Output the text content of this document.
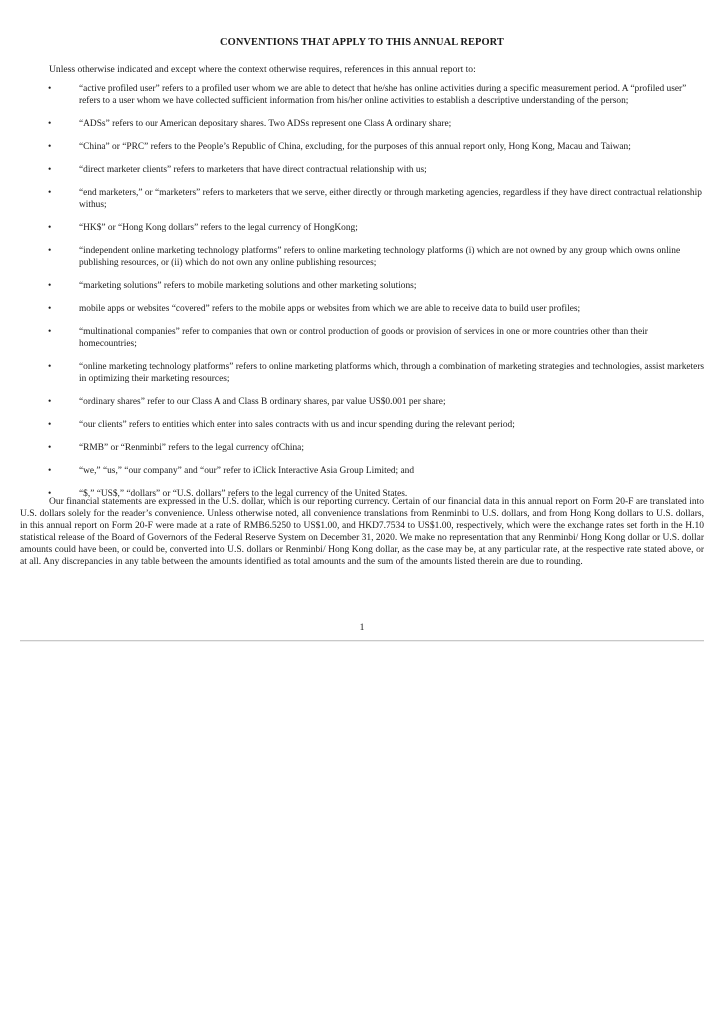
CONVENTIONS THAT APPLY TO THIS ANNUAL REPORT
Unless otherwise indicated and except where the context otherwise requires, references in this annual report to:
•	“active profiled user” refers to a profiled user whom we are able to detect that he/she has online activities during a specific measurement period. A “profiled user” refers to a user whom we have collected sufficient information from his/her online activities to establish a descriptive understanding of the person;
•	“ADSs” refers to our American depositary shares. Two ADSs represent one Class A ordinary share;
•	“China” or “PRC” refers to the People’s Republic of China, excluding, for the purposes of this annual report only, Hong Kong, Macau and Taiwan;
•	“direct marketer clients” refers to marketers that have direct contractual relationship with us;
•	“end marketers,” or “marketers” refers to marketers that we serve, either directly or through marketing agencies, regardless if they have direct contractual relationship withus;
•	“HK$” or “Hong Kong dollars” refers to the legal currency of HongKong;
•	“independent online marketing technology platforms” refers to online marketing technology platforms (i) which are not owned by any group which owns online publishing resources, or (ii) which do not own any online publishing resources;
•	“marketing solutions” refers to mobile marketing solutions and other marketing solutions;
•	mobile apps or websites “covered” refers to the mobile apps or websites from which we are able to receive data to build user profiles;
•	“multinational companies” refer to companies that own or control production of goods or provision of services in one or more countries other than their homecountries;
•	“online marketing technology platforms” refers to online marketing platforms which, through a combination of marketing strategies and technologies, assist marketers in optimizing their marketing resources;
•	“ordinary shares” refer to our Class A and Class B ordinary shares, par value US$0.001 per share;
•	“our clients” refers to entities which enter into sales contracts with us and incur spending during the relevant period;
•	“RMB” or “Renminbi” refers to the legal currency ofChina;
•	“we,” “us,” “our company” and “our” refer to iClick Interactive Asia Group Limited; and
•	“$,” “US$,” “dollars” or “U.S. dollars” refers to the legal currency of the United States.

Our financial statements are expressed in the U.S. dollar, which is our reporting currency. Certain of our financial data in this annual report on Form 20-F are translated into U.S. dollars solely for the reader’s convenience. Unless otherwise noted, all convenience translations from Renminbi to U.S. dollars, and from Hong Kong dollars to U.S. dollars, in this annual report on Form 20-F were made at a rate of RMB6.5250 to US$1.00, and HKD7.7534 to US$1.00, respectively, which were the exchange rates set forth in the H.10 statistical release of the Board of Governors of the Federal Reserve System on December 31, 2020. We make no representation that any Renminbi/ Hong Kong dollar or U.S. dollar amounts could have been, or could be, converted into U.S. dollars or Renminbi/ Hong Kong dollar, as the case may be, at any particular rate, at the respective rate stated above, or at all. Any discrepancies in any table between the amounts identified as total amounts and the sum of the amounts listed therein are due to rounding.

1
